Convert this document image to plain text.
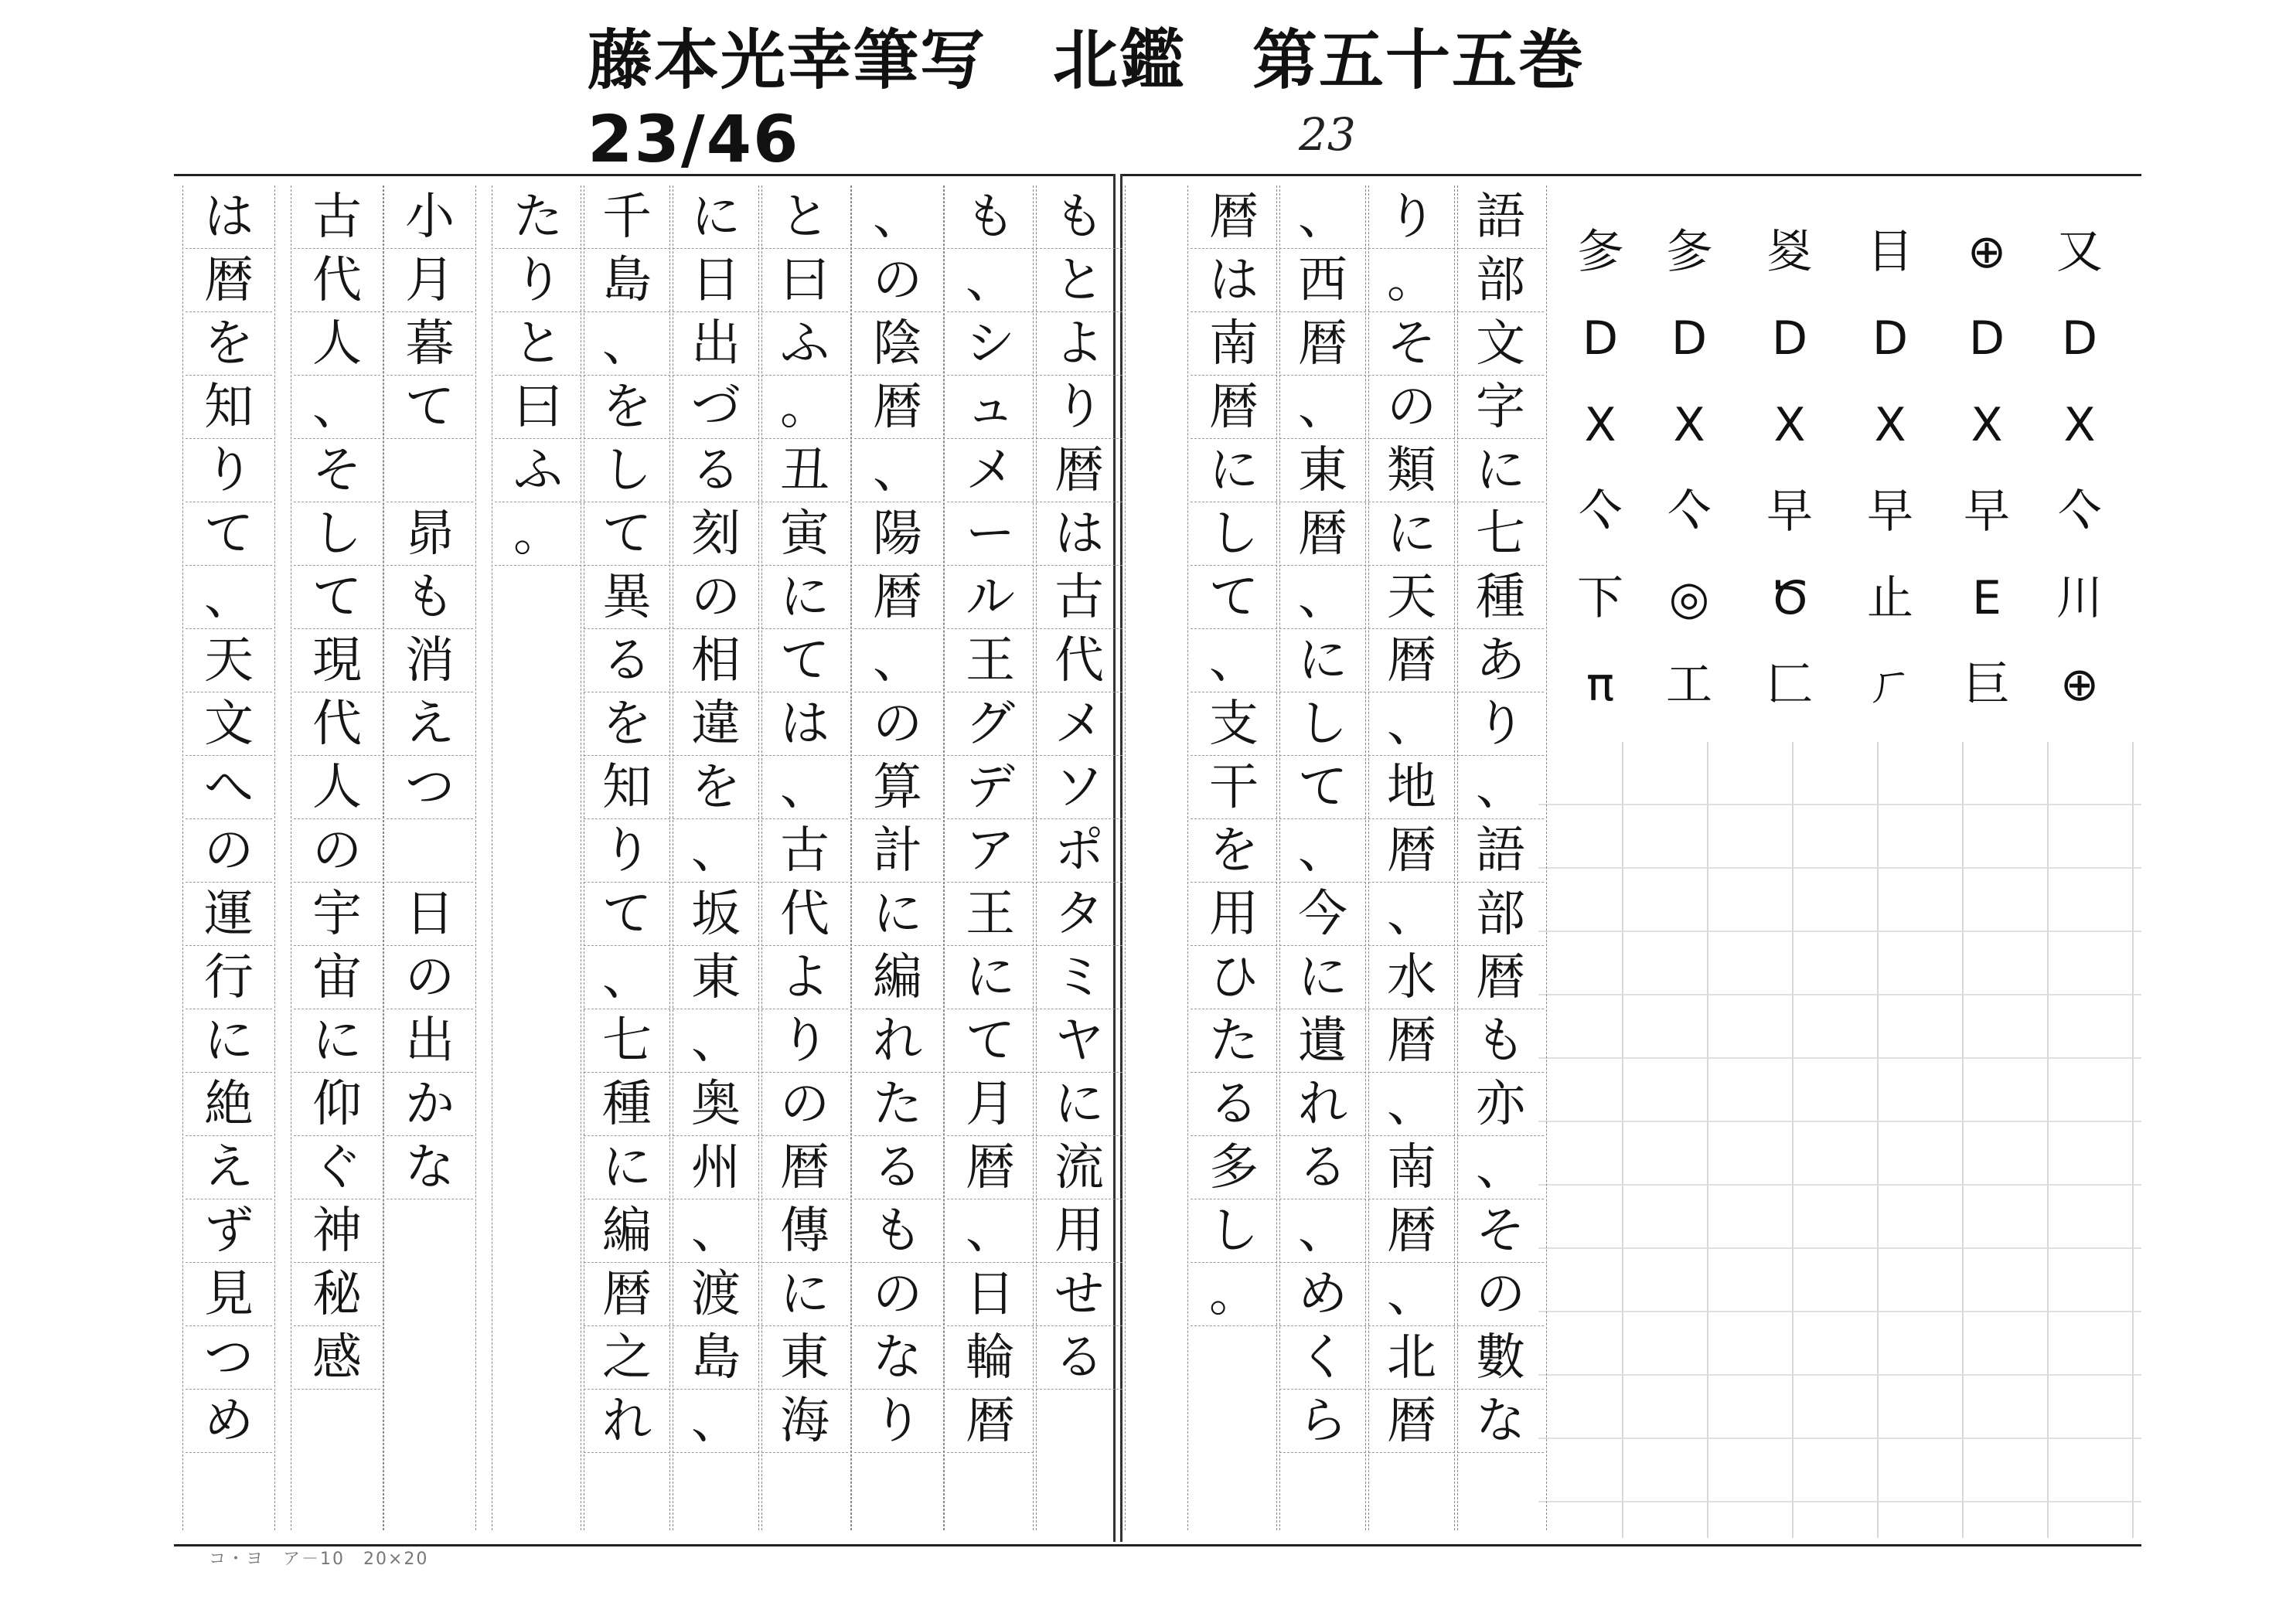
藤本光幸筆写　北鑑　第五十五巻
23/46	23
又
D
X
亽
川
⊕
⊕
D
X
早
E
巨
目
D
X
早
止
ㄏ
㚇
D
X
早
Ծ
匚
㣊
D
X
亽
◎
工
㣊
D
X
亽
下
π
語
部
文
字
に
七
種
あ
り
、
語
部
暦
も
亦
、
そ
の
數
な
り
。
そ
の
類
に
天
暦
、
地
暦
、
水
暦
、
南
暦
、
北
暦
、
西
暦
、
東
暦
、
に
し
て
、
今
に
遺
れ
る
、
め
く
ら
暦
は
南
暦
に
し
て
、
支
干
を
用
ひ
た
る
多
し
。
も
と
よ
り
暦
は
古
代
メ
ソ
ポ
タ
ミ
ヤ
に
流
用
せ
る
も
、
シ
ュ
メ
ー
ル
王
グ
デ
ア
王
に
て
月
暦
、
日
輪
暦
、
の
陰
暦
、
陽
暦
、
の
算
計
に
編
れ
た
る
も
の
な
り
と
曰
ふ
。
丑
寅
に
て
は
、
古
代
よ
り
の
暦
傳
に
東
海
に
日
出
づ
る
刻
の
相
違
を
、
坂
東
、
奥
州
、
渡
島
、
千
島
、
を
し
て
異
る
を
知
り
て
、
七
種
に
編
暦
之
れ
た
り
と
曰
ふ
。
小
月
暮
て

昴
も
消
え
つ

日
の
出
か
な
古
代
人
、
そ
し
て
現
代
人
の
宇
宙
に
仰
ぐ
神
秘
感
は
暦
を
知
り
て
、
天
文
へ
の
運
行
に
絶
え
ず
見
つ
め
コ・ヨ　ア－10　20×20
